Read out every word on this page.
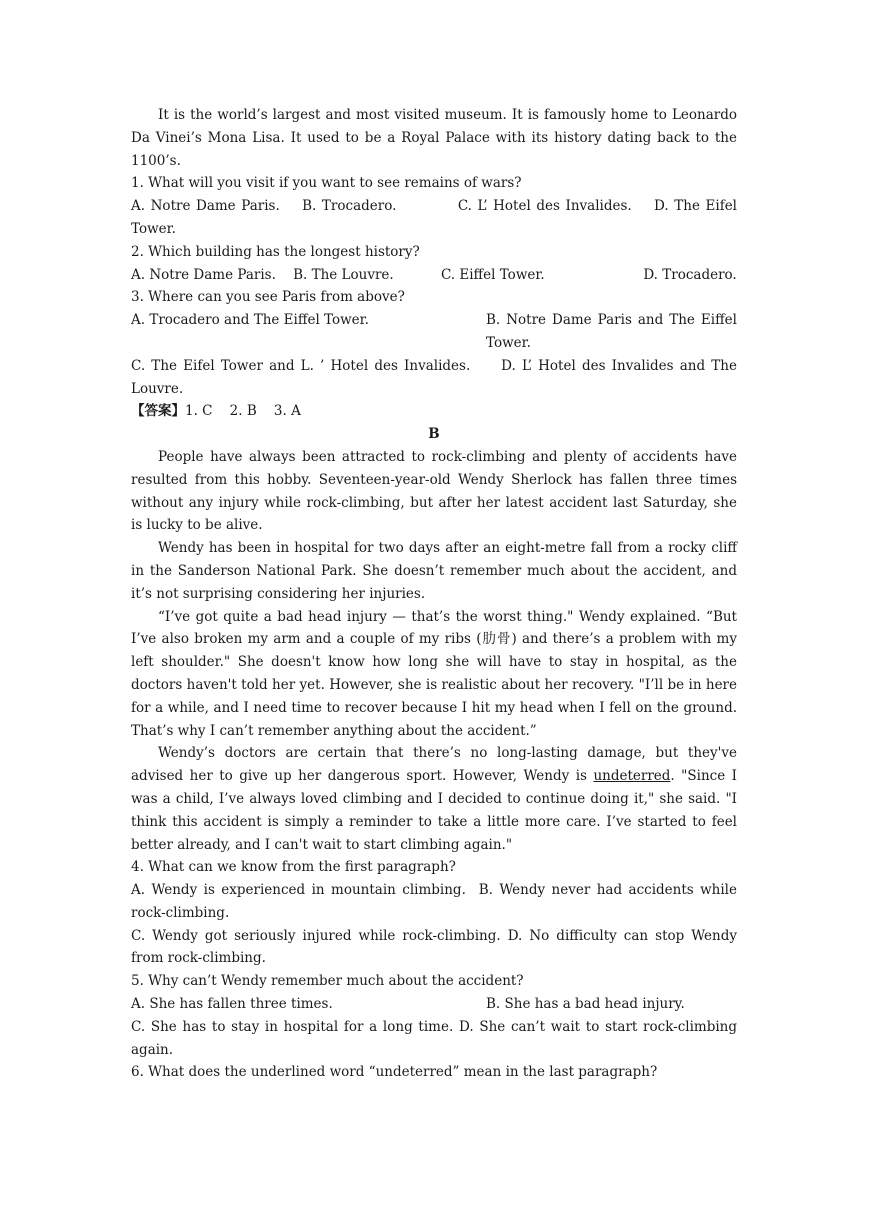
It is the world’s largest and most visited museum. It is famously home to Leonardo Da Vinei’s Mona Lisa. It used to be a Royal Palace with its history dating back to the 1100’s.

1. What will you visit if you want to see remains of wars?

A. Notre Dame Paris. B. Trocadero.	C. L’ Hotel des Invalides. D. The Eifel Tower.

2. Which building has the longest history?

A. Notre Dame Paris. B. The Louvre.	C. Eiffel Tower.	D. Trocadero.

3. Where can you see Paris from above?

A. Trocadero and The Eiffel Tower.	B. Notre Dame Paris and The Eiffel Tower.

C. The Eifel Tower and L. ’ Hotel des Invalides. D. L’ Hotel des Invalides and The Louvre.

【答案】1. C    2. B    3. A

B

People have always been attracted to rock-climbing and plenty of accidents have resulted from this hobby. Seventeen-year-old Wendy Sherlock has fallen three times without any injury while rock-climbing, but after her latest accident last Saturday, she is lucky to be alive.

Wendy has been in hospital for two days after an eight-metre fall from a rocky cliff in the Sanderson National Park. She doesn’t remember much about the accident, and it’s not surprising considering her injuries.

“I’ve got quite a bad head injury — that’s the worst thing." Wendy explained. “But I’ve also broken my arm and a couple of my ribs (肋骨) and there’s a problem with my left shoulder." She doesn't know how long she will have to stay in hospital, as the doctors haven't told her yet. However, she is realistic about her recovery. "I’ll be in here for a while, and I need time to recover because I hit my head when I fell on the ground. That’s why I can’t remember anything about the accident.”

Wendy’s doctors are certain that there’s no long-lasting damage, but they've advised her to give up her dangerous sport. However, Wendy is undeterred. "Since I was a child, I’ve always loved climbing and I decided to continue doing it," she said. "I think this accident is simply a reminder to take a little more care. I’ve started to feel better already, and I can't wait to start climbing again."

4. What can we know from the first paragraph?

A. Wendy is experienced in mountain climbing. B. Wendy never had accidents while rock-climbing.

C. Wendy got seriously injured while rock-climbing. D. No difficulty can stop Wendy from rock-climbing.

5. Why can’t Wendy remember much about the accident?

A. She has fallen three times.	B. She has a bad head injury.

C. She has to stay in hospital for a long time. D. She can’t wait to start rock-climbing again.

6. What does the underlined word “undeterred” mean in the last paragraph?
